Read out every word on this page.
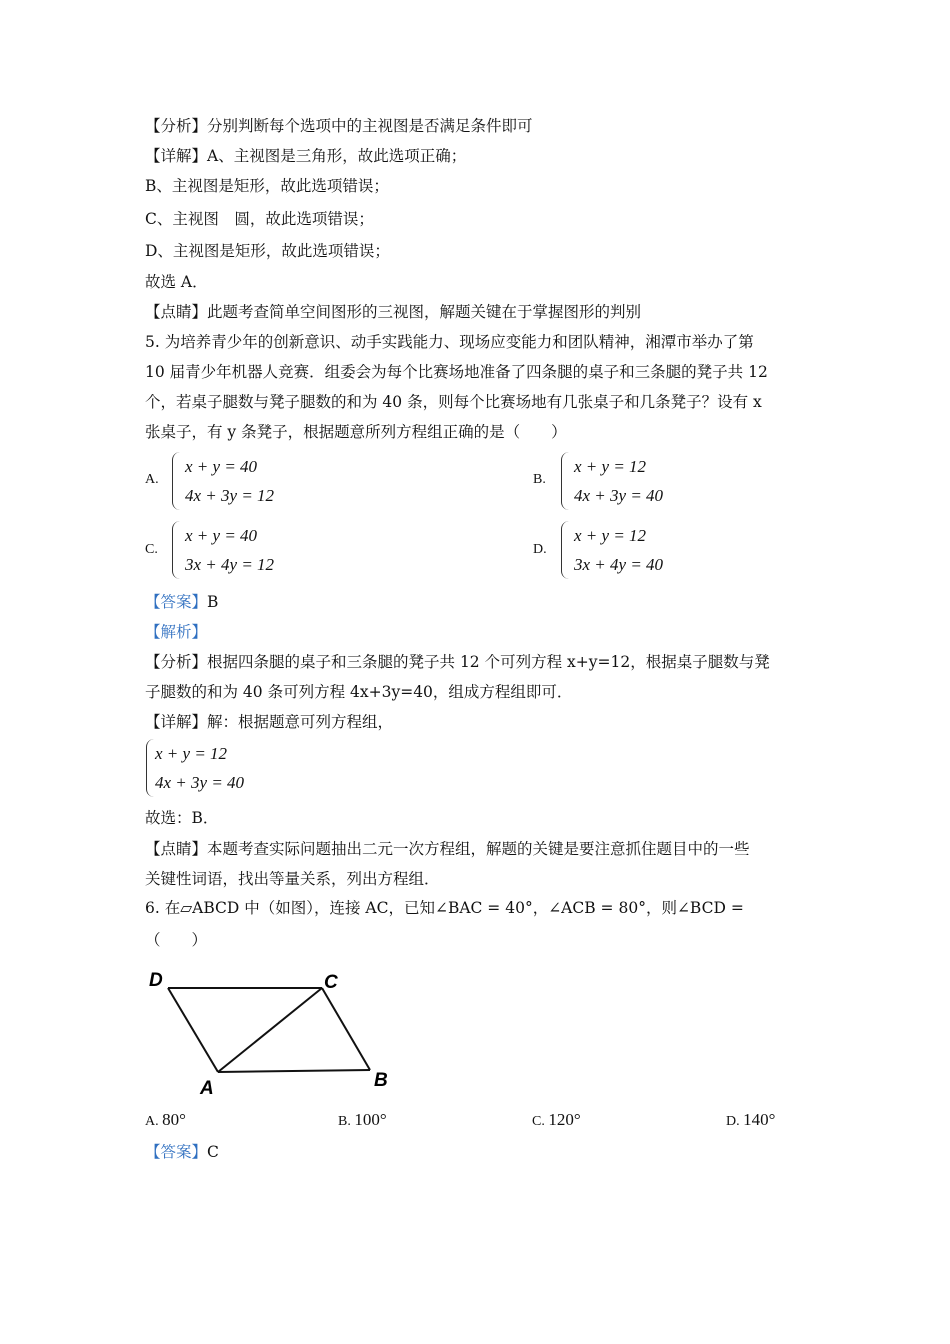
【分析】分别判断每个选项中的主视图是否满足条件即可
【详解】A、主视图是三角形，故此选项正确；
B、主视图是矩形，故此选项错误；
C、主视图　圆，故此选项错误；
D、主视图是矩形，故此选项错误；
故选 A．
【点睛】此题考查简单空间图形的三视图，解题关键在于掌握图形的判别
5. 为培养青少年的创新意识、动手实践能力、现场应变能力和团队精神，湘潭市举办了第
10 届青少年机器人竞赛．组委会为每个比赛场地准备了四条腿的桌子和三条腿的凳子共 12
个，若桌子腿数与凳子腿数的和为 40 条，则每个比赛场地有几张桌子和几条凳子？设有 x
张桌子，有 y 条凳子，根据题意所列方程组正确的是（　　）
A.
x + y = 40
4x + 3y = 12
B.
x + y = 12
4x + 3y = 40
C.
x + y = 40
3x + 4y = 12
D.
x + y = 12
3x + 4y = 40
【答案】B
【解析】
【分析】根据四条腿的桌子和三条腿的凳子共 12 个可列方程 x+y=12，根据桌子腿数与凳
子腿数的和为 40 条可列方程 4x+3y=40，组成方程组即可．
【详解】解：根据题意可列方程组，
x + y = 12
4x + 3y = 40
故选：B．
【点睛】本题考查实际问题抽出二元一次方程组，解题的关键是要注意抓住题目中的一些
关键性词语，找出等量关系，列出方程组．
6. 在▱ABCD 中（如图），连接 AC，已知∠BAC = 40°，∠ACB = 80°，则∠BCD =
（　　）
D	C
A	B
A. 80°	B. 100°	C. 120°	D. 140°
【答案】C
